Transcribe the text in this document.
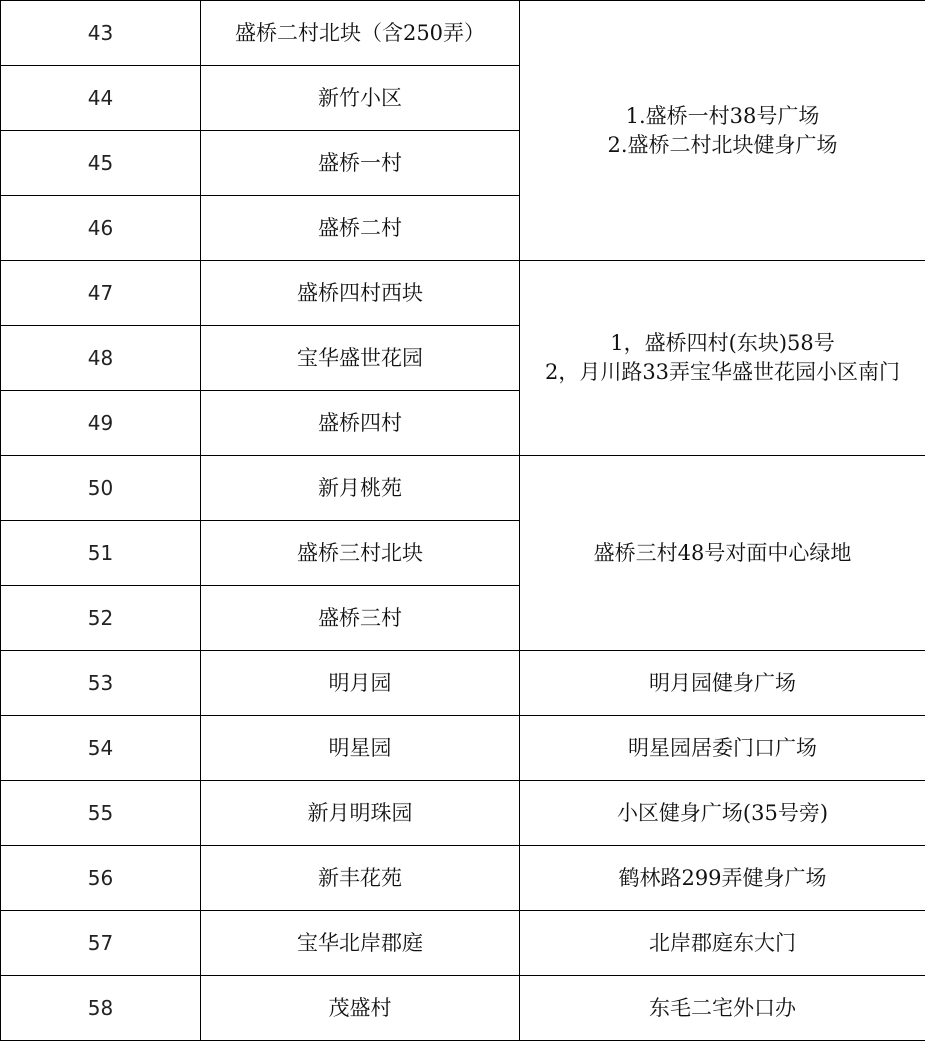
43	盛桥二村北块（含250弄）	1.盛桥一村38号广场
2.盛桥二村北块健身广场

44	新竹小区	
45	盛桥一村	
46	盛桥二村	
47	盛桥四村西块	1，盛桥四村(东块)58号
2，月川路33弄宝华盛世花园小区南门

48	宝华盛世花园	
49	盛桥四村	
50	新月桃苑	盛桥三村48号对面中心绿地

51	盛桥三村北块	
52	盛桥三村	
53	明月园	明月园健身广场

54	明星园	明星园居委门口广场

55	新月明珠园	小区健身广场(35号旁)

56	新丰花苑	鹤林路299弄健身广场

57	宝华北岸郡庭	北岸郡庭东大门

58	茂盛村	东毛二宅外口办
